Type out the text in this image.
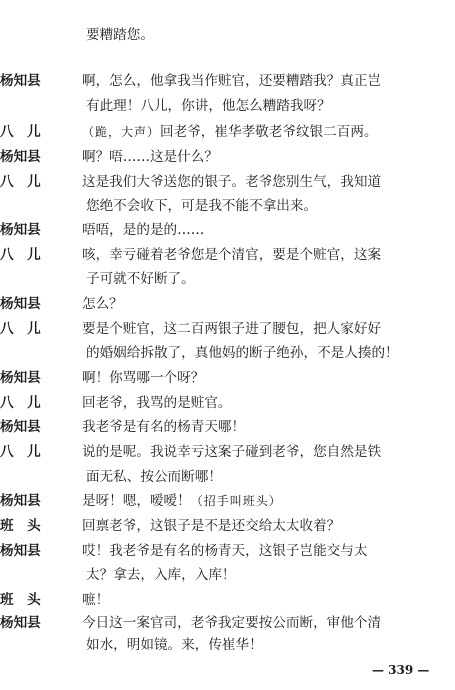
要糟踏您。
杨知县	啊，怎么，他拿我当作赃官，还要糟踏我？真正岂
有此理！八儿，你讲，他怎么糟踏我呀？
八　儿	（跪，大声）回老爷，崔华孝敬老爷纹银二百两。
杨知县	啊？唔……这是什么？
八　儿	这是我们大爷送您的银子。老爷您别生气，我知道
您绝不会收下，可是我不能不拿出来。
杨知县	唔唔，是的是的……
八　儿	咳，幸亏碰着老爷您是个清官，要是个赃官，这案
子可就不好断了。
杨知县	怎么？
八　儿	要是个赃官，这二百两银子进了腰包，把人家好好
的婚姻给拆散了，真他妈的断子绝孙，不是人揍的！
杨知县	啊！你骂哪一个呀？
八　儿	回老爷，我骂的是赃官。
杨知县	我老爷是有名的杨青天哪！
八　儿	说的是呢。我说幸亏这案子碰到老爷，您自然是铁
面无私、按公而断哪！
杨知县	是呀！嗯，嗳嗳！（招手叫班头）
班　头	回禀老爷，这银子是不是还交给太太收着？
杨知县	哎！我老爷是有名的杨青天，这银子岂能交与太
太？拿去，入库，入库！
班　头	嗻！
杨知县	今日这一案官司，老爷我定要按公而断，审他个清
如水，明如镜。来，传崔华！
— 339 —
